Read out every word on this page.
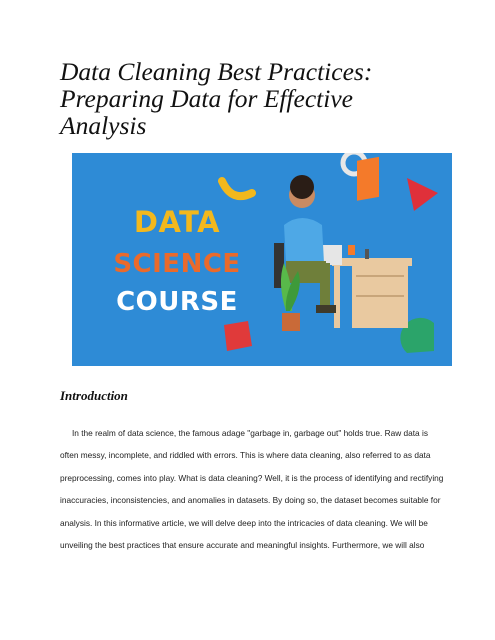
Data Cleaning Best Practices:
Preparing Data for Effective
Analysis
DATA
SCIENCE
COURSE
Introduction
In the realm of data science, the famous adage "garbage in, garbage out" holds true. Raw data is
often messy, incomplete, and riddled with errors. This is where data cleaning, also referred to as data
preprocessing, comes into play. What is data cleaning? Well, it is the process of identifying and rectifying
inaccuracies, inconsistencies, and anomalies in datasets. By doing so, the dataset becomes suitable for
analysis. In this informative article, we will delve deep into the intricacies of data cleaning. We will be
unveiling the best practices that ensure accurate and meaningful insights. Furthermore, we will also
